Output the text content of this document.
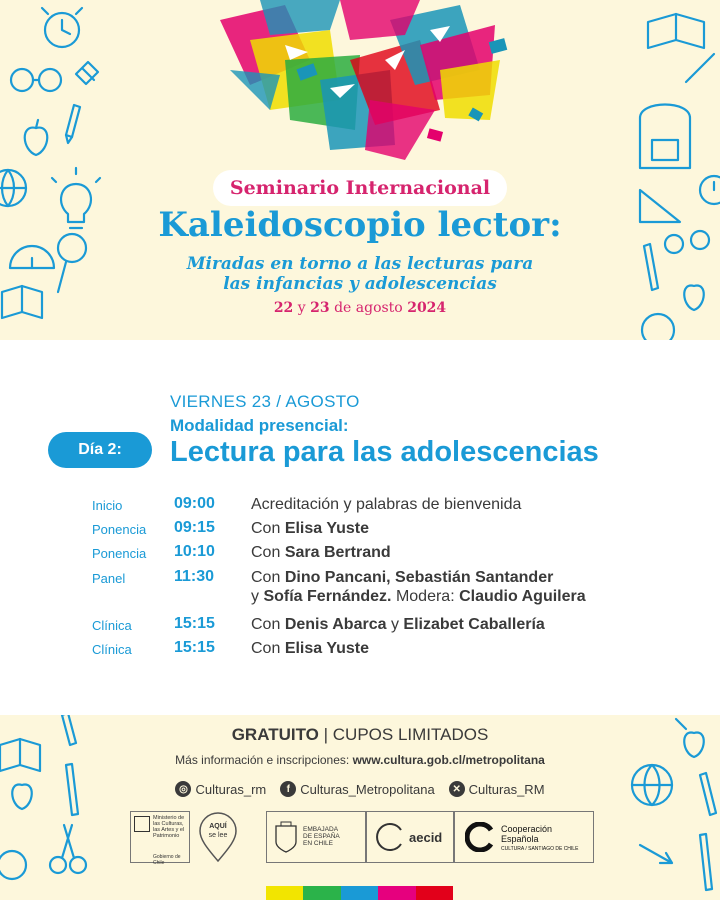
Seminario Internacional
Kaleidoscopio lector:
Miradas en torno a las lecturas para
las infancias y adolescencias
22 y 23 de agosto 2024
VIERNES 23 / AGOSTO
Modalidad presencial:
Día 2:	Lectura para las adolescencias
Inicio	09:00 Acreditación y palabras de bienvenida
Ponencia 09:15 Con Elisa Yuste
Ponencia 10:10 Con Sara Bertrand
Panel	11:30 Con Dino Pancani, Sebastián Santander
y Sofía Fernández. Modera: Claudio Aguilera
Clínica	15:15 Con Denis Abarca y Elizabet Caballería
Clínica	15:15 Con Elisa Yuste
GRATUITO | CUPOS LIMITADOS
Más información e inscripciones: www.cultura.gob.cl/metropolitana
◎ Culturas_rm	f Culturas_Metropolitana	✕ Culturas_RM
Ministerio de las Culturas, las Artes y el Patrimonio
Gobierno de Chile
AQUÍ
se lee
EMBAJADA
DE ESPAÑA
EN CHILE	aecid
Cooperación
Española
CULTURA / SANTIAGO DE CHILE
